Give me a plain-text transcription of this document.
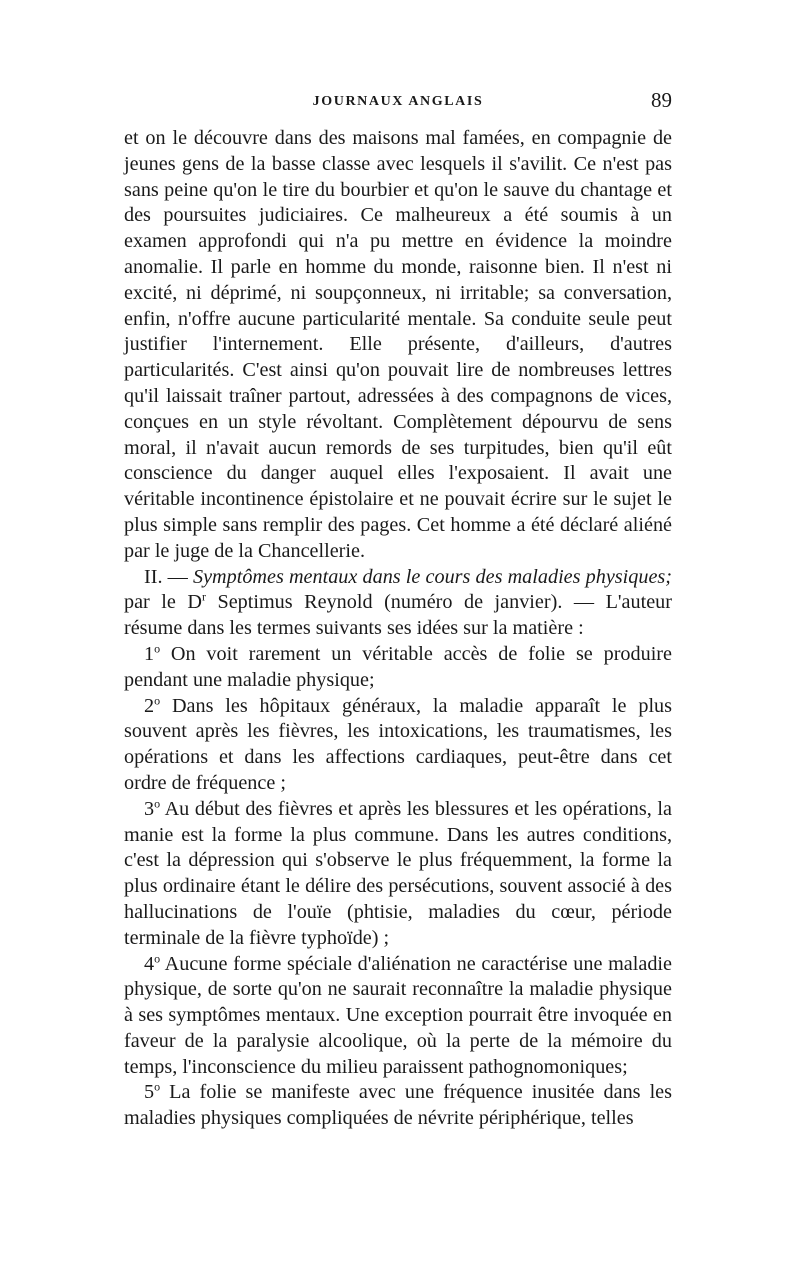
JOURNAUX ANGLAIS	89

et on le découvre dans des maisons mal famées, en compagnie de jeunes gens de la basse classe avec lesquels il s'avilit. Ce n'est pas sans peine qu'on le tire du bourbier et qu'on le sauve du chantage et des poursuites judiciaires. Ce malheureux a été soumis à un examen approfondi qui n'a pu mettre en évidence la moindre anomalie. Il parle en homme du monde, raisonne bien. Il n'est ni excité, ni déprimé, ni soupçonneux, ni irritable; sa conversation, enfin, n'offre aucune particularité mentale. Sa conduite seule peut justifier l'internement. Elle présente, d'ailleurs, d'autres particularités. C'est ainsi qu'on pouvait lire de nombreuses lettres qu'il laissait traîner partout, adressées à des compagnons de vices, conçues en un style révoltant. Complètement dépourvu de sens moral, il n'avait aucun remords de ses turpitudes, bien qu'il eût conscience du danger auquel elles l'exposaient. Il avait une véritable incontinence épistolaire et ne pouvait écrire sur le sujet le plus simple sans remplir des pages. Cet homme a été déclaré aliéné par le juge de la Chancellerie.

II. — Symptômes mentaux dans le cours des maladies physiques; par le $D^r$ Septimus Reynold (numéro de janvier). — L'auteur résume dans les termes suivants ses idées sur la matière :

1$^o$ On voit rarement un véritable accès de folie se produire pendant une maladie physique;

2$^o$ Dans les hôpitaux généraux, la maladie apparaît le plus souvent après les fièvres, les intoxications, les traumatismes, les opérations et dans les affections cardiaques, peut-être dans cet ordre de fréquence ;

3$^o$ Au début des fièvres et après les blessures et les opérations, la manie est la forme la plus commune. Dans les autres conditions, c'est la dépression qui s'observe le plus fréquemment, la forme la plus ordinaire étant le délire des persécutions, souvent associé à des hallucinations de l'ouïe (phtisie, maladies du cœur, période terminale de la fièvre typhoïde) ;

4$^o$ Aucune forme spéciale d'aliénation ne caractérise une maladie physique, de sorte qu'on ne saurait reconnaître la maladie physique à ses symptômes mentaux. Une exception pourrait être invoquée en faveur de la paralysie alcoolique, où la perte de la mémoire du temps, l'inconscience du milieu paraissent pathognomoniques;

5$^o$ La folie se manifeste avec une fréquence inusitée dans les maladies physiques compliquées de névrite périphérique, telles
